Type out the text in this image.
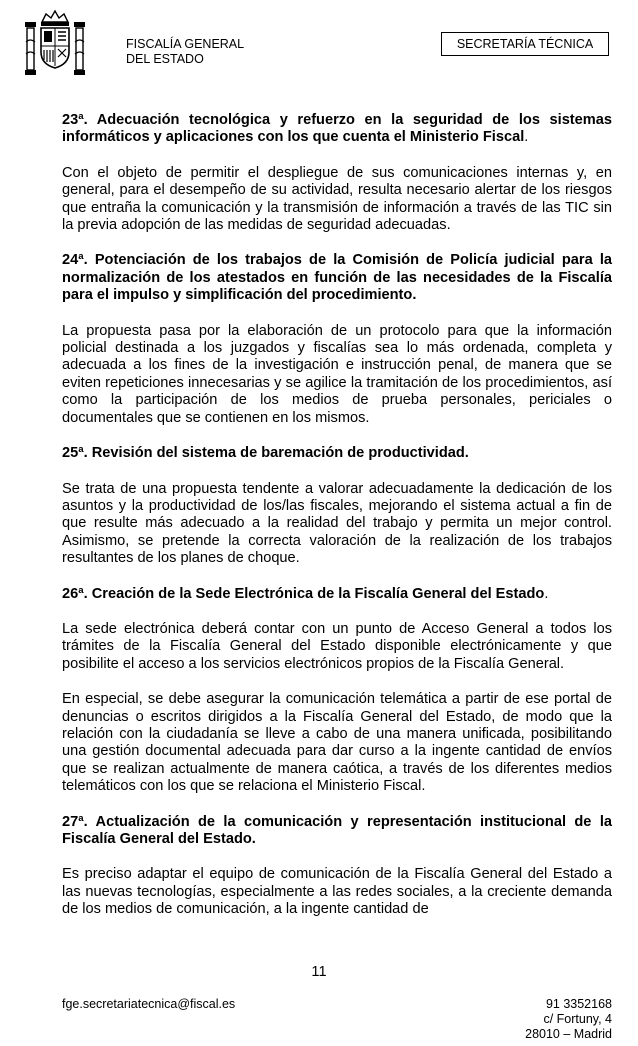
FISCALÍA GENERAL
DEL ESTADO
SECRETARÍA TÉCNICA

23ª. Adecuación tecnológica y refuerzo en la seguridad de los sistemas informáticos y aplicaciones con los que cuenta el Ministerio Fiscal.

Con el objeto de permitir el despliegue de sus comunicaciones internas y, en general, para el desempeño de su actividad, resulta necesario alertar de los riesgos que entraña la comunicación y la transmisión de información a través de las TIC sin la previa adopción de las medidas de seguridad adecuadas.

24ª. Potenciación de los trabajos de la Comisión de Policía judicial para la normalización de los atestados en función de las necesidades de la Fiscalía para el impulso y simplificación del procedimiento.

La propuesta pasa por la elaboración de un protocolo para que la información policial destinada a los juzgados y fiscalías sea lo más ordenada, completa y adecuada a los fines de la investigación e instrucción penal, de manera que se eviten repeticiones innecesarias y se agilice la tramitación de los procedimientos, así como la participación de los medios de prueba personales, periciales o documentales que se contienen en los mismos.

25ª. Revisión del sistema de baremación de productividad.

Se trata de una propuesta tendente a valorar adecuadamente la dedicación de los asuntos y la productividad de los/las fiscales, mejorando el sistema actual a fin de que resulte más adecuado a la realidad del trabajo y permita un mejor control. Asimismo, se pretende la correcta valoración de la realización de los trabajos resultantes de los planes de choque.

26ª. Creación de la Sede Electrónica de la Fiscalía General del Estado.

La sede electrónica deberá contar con un punto de Acceso General a todos los trámites de la Fiscalía General del Estado disponible electrónicamente y que posibilite el acceso a los servicios electrónicos propios de la Fiscalía General.

En especial, se debe asegurar la comunicación telemática a partir de ese portal de denuncias o escritos dirigidos a la Fiscalía General del Estado, de modo que la relación con la ciudadanía se lleve a cabo de una manera unificada, posibilitando una gestión documental adecuada para dar curso a la ingente cantidad de envíos que se realizan actualmente de manera caótica, a través de los diferentes medios telemáticos con los que se relaciona el Ministerio Fiscal.

27ª. Actualización de la comunicación y representación institucional de la Fiscalía General del Estado.

Es preciso adaptar el equipo de comunicación de la Fiscalía General del Estado a las nuevas tecnologías, especialmente a las redes sociales, a la creciente demanda de los medios de comunicación, a la ingente cantidad de

11
fge.secretariatecnica@fiscal.es	91 3352168
c/ Fortuny, 4
28010 – Madrid
